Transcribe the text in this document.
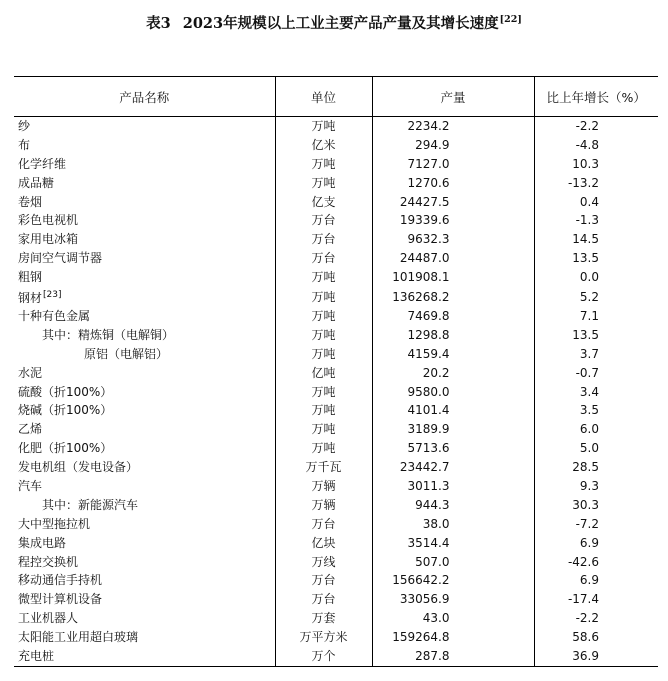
表3 2023年规模以上工业主要产品产量及其增长速度[22]
产品名称	单位	产量	比上年增长（%）
纱	万吨	2234.2	-2.2
布	亿米	294.9	-4.8
化学纤维	万吨	7127.0	10.3
成品糖	万吨	1270.6	-13.2
卷烟	亿支	24427.5	0.4
彩色电视机	万台	19339.6	-1.3
家用电冰箱	万台	9632.3	14.5
房间空气调节器	万台	24487.0	13.5
粗钢	万吨	101908.1	0.0
钢材[23]	万吨	136268.2	5.2
十种有色金属	万吨	7469.8	7.1
其中：精炼铜（电解铜）	万吨	1298.8	13.5
原铝（电解铝）	万吨	4159.4	3.7
水泥	亿吨	20.2	-0.7
硫酸（折100%）	万吨	9580.0	3.4
烧碱（折100%）	万吨	4101.4	3.5
乙烯	万吨	3189.9	6.0
化肥（折100%）	万吨	5713.6	5.0
发电机组（发电设备）	万千瓦	23442.7	28.5
汽车	万辆	3011.3	9.3
其中：新能源汽车	万辆	944.3	30.3
大中型拖拉机	万台	38.0	-7.2
集成电路	亿块	3514.4	6.9
程控交换机	万线	507.0	-42.6
移动通信手持机	万台	156642.2	6.9
微型计算机设备	万台	33056.9	-17.4
工业机器人	万套	43.0	-2.2
太阳能工业用超白玻璃	万平方米	159264.8	58.6
充电桩	万个	287.8	36.9
